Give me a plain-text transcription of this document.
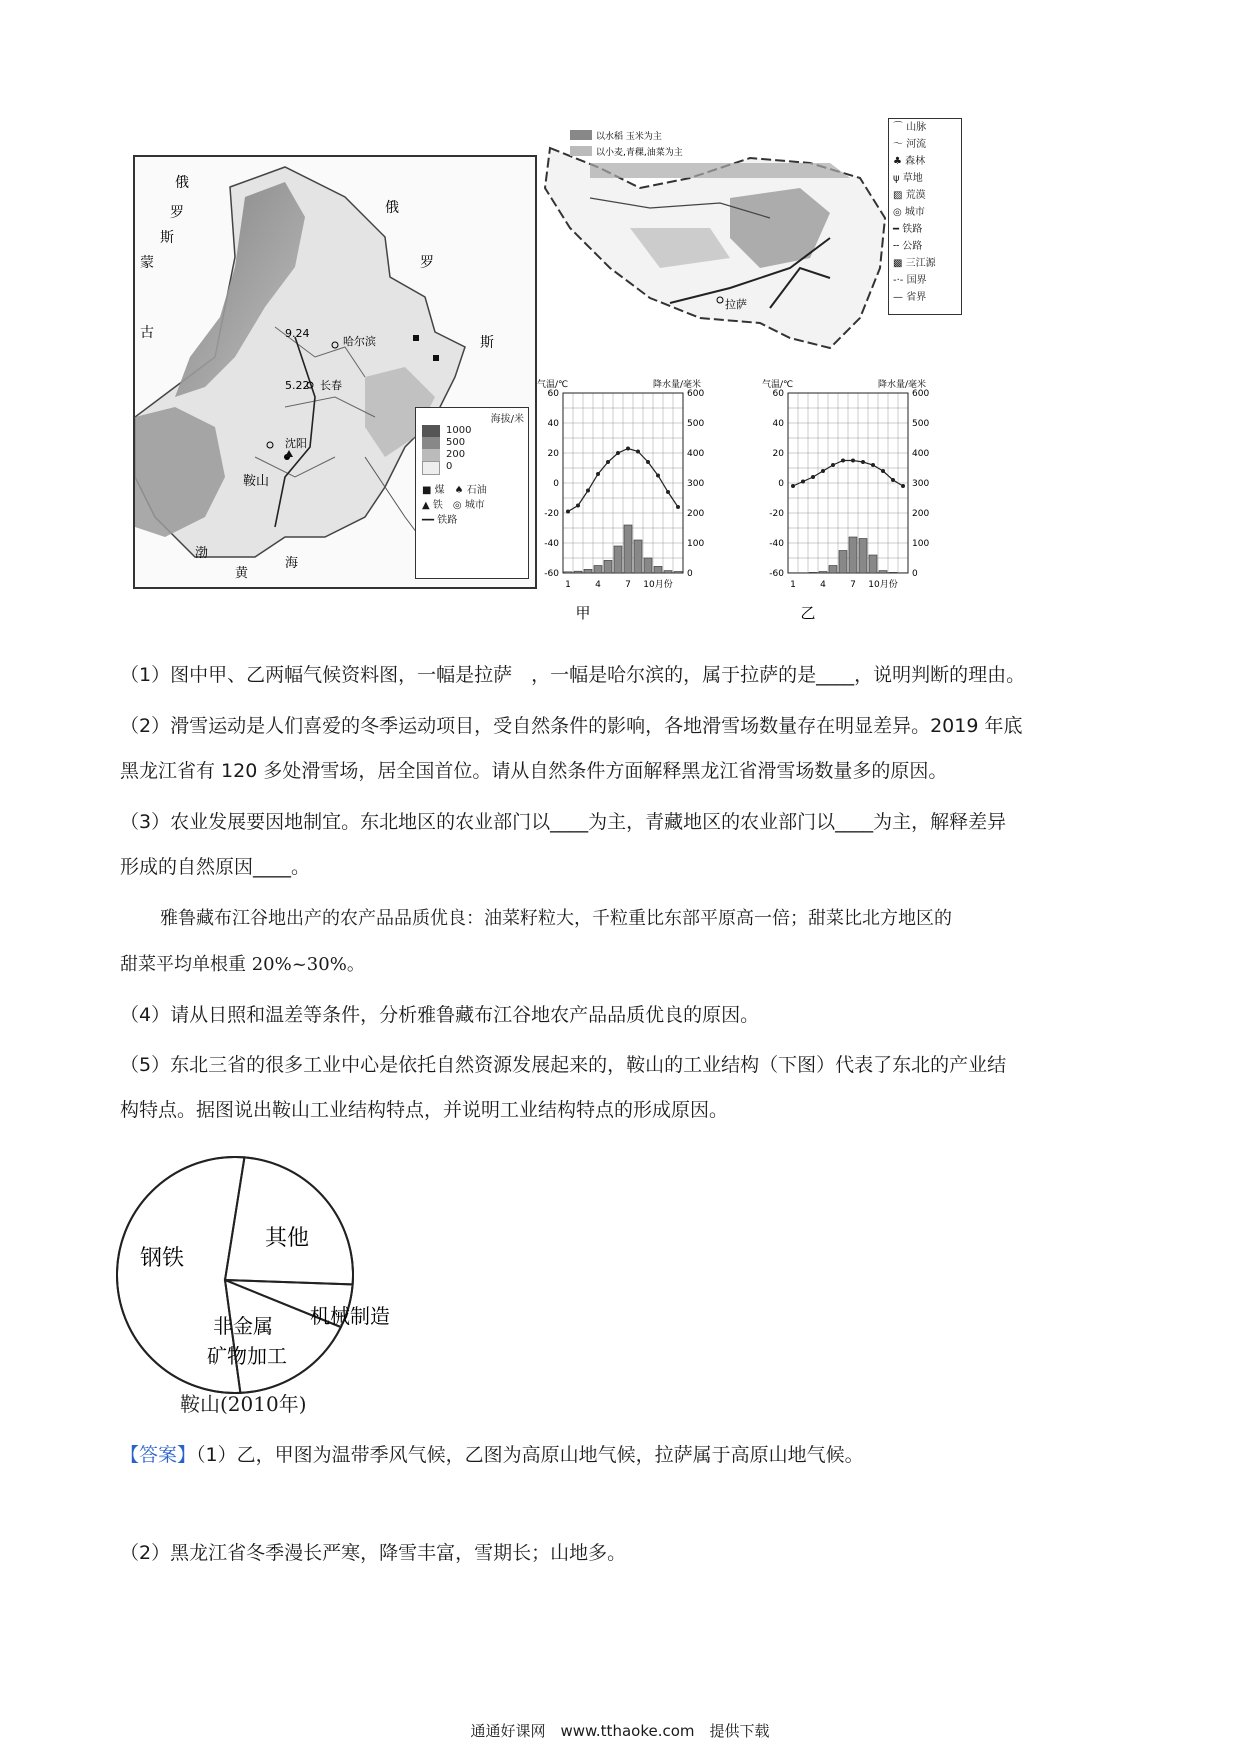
俄
罗
斯
蒙
古
俄
罗
斯
鞍山
9.24
5.22
沈阳
长春
哈尔滨
渤
黄
海
海拔/米
1000
500
200
0
■ 煤　 ♠ 石油
▲ 铁　 ◎ 城市
━━ 铁路
以水稻 玉米为主
以小麦,青稞,油菜为主
拉萨
⌒ 山脉
〜 河流
♣ 森林
ψ 草地
▨ 荒漠
◎ 城市
━ 铁路
╌ 公路
▩ 三江源
-·- 国界
— 省界
气温/℃	降水量/毫米
60
40
20
0
-20
-40
-60
600
500
400
300
200
100
0
1	4	7 10月份
甲
气温/℃	降水量/毫米
60
40
20
0
-20
-40
-60
600
500
400
300
200
100
0
1	4	7 10月份
乙
（1）图中甲、乙两幅气候资料图，一幅是拉萨　，一幅是哈尔滨的，属于拉萨的是____，说明判断的理由。
（2）滑雪运动是人们喜爱的冬季运动项目，受自然条件的影响，各地滑雪场数量存在明显差异。2019 年底
黑龙江省有 120 多处滑雪场，居全国首位。请从自然条件方面解释黑龙江省滑雪场数量多的原因。
（3）农业发展要因地制宜。东北地区的农业部门以____为主，青藏地区的农业部门以____为主，解释差异
形成的自然原因____。
雅鲁藏布江谷地出产的农产品品质优良：油菜籽粒大，千粒重比东部平原高一倍；甜菜比北方地区的
甜菜平均单根重 20%~30%。
（4）请从日照和温差等条件，分析雅鲁藏布江谷地农产品品质优良的原因。
（5）东北三省的很多工业中心是依托自然资源发展起来的，鞍山的工业结构（下图）代表了东北的产业结
构特点。据图说出鞍山工业结构特点，并说明工业结构特点的形成原因。
其他
钢铁
机械制造
非金属
矿物加工
鞍山(2010年)
【答案】（1）乙，甲图为温带季风气候，乙图为高原山地气候，拉萨属于高原山地气候。
（2）黑龙江省冬季漫长严寒，降雪丰富，雪期长；山地多。
通通好课网　www.tthaoke.com　提供下载
